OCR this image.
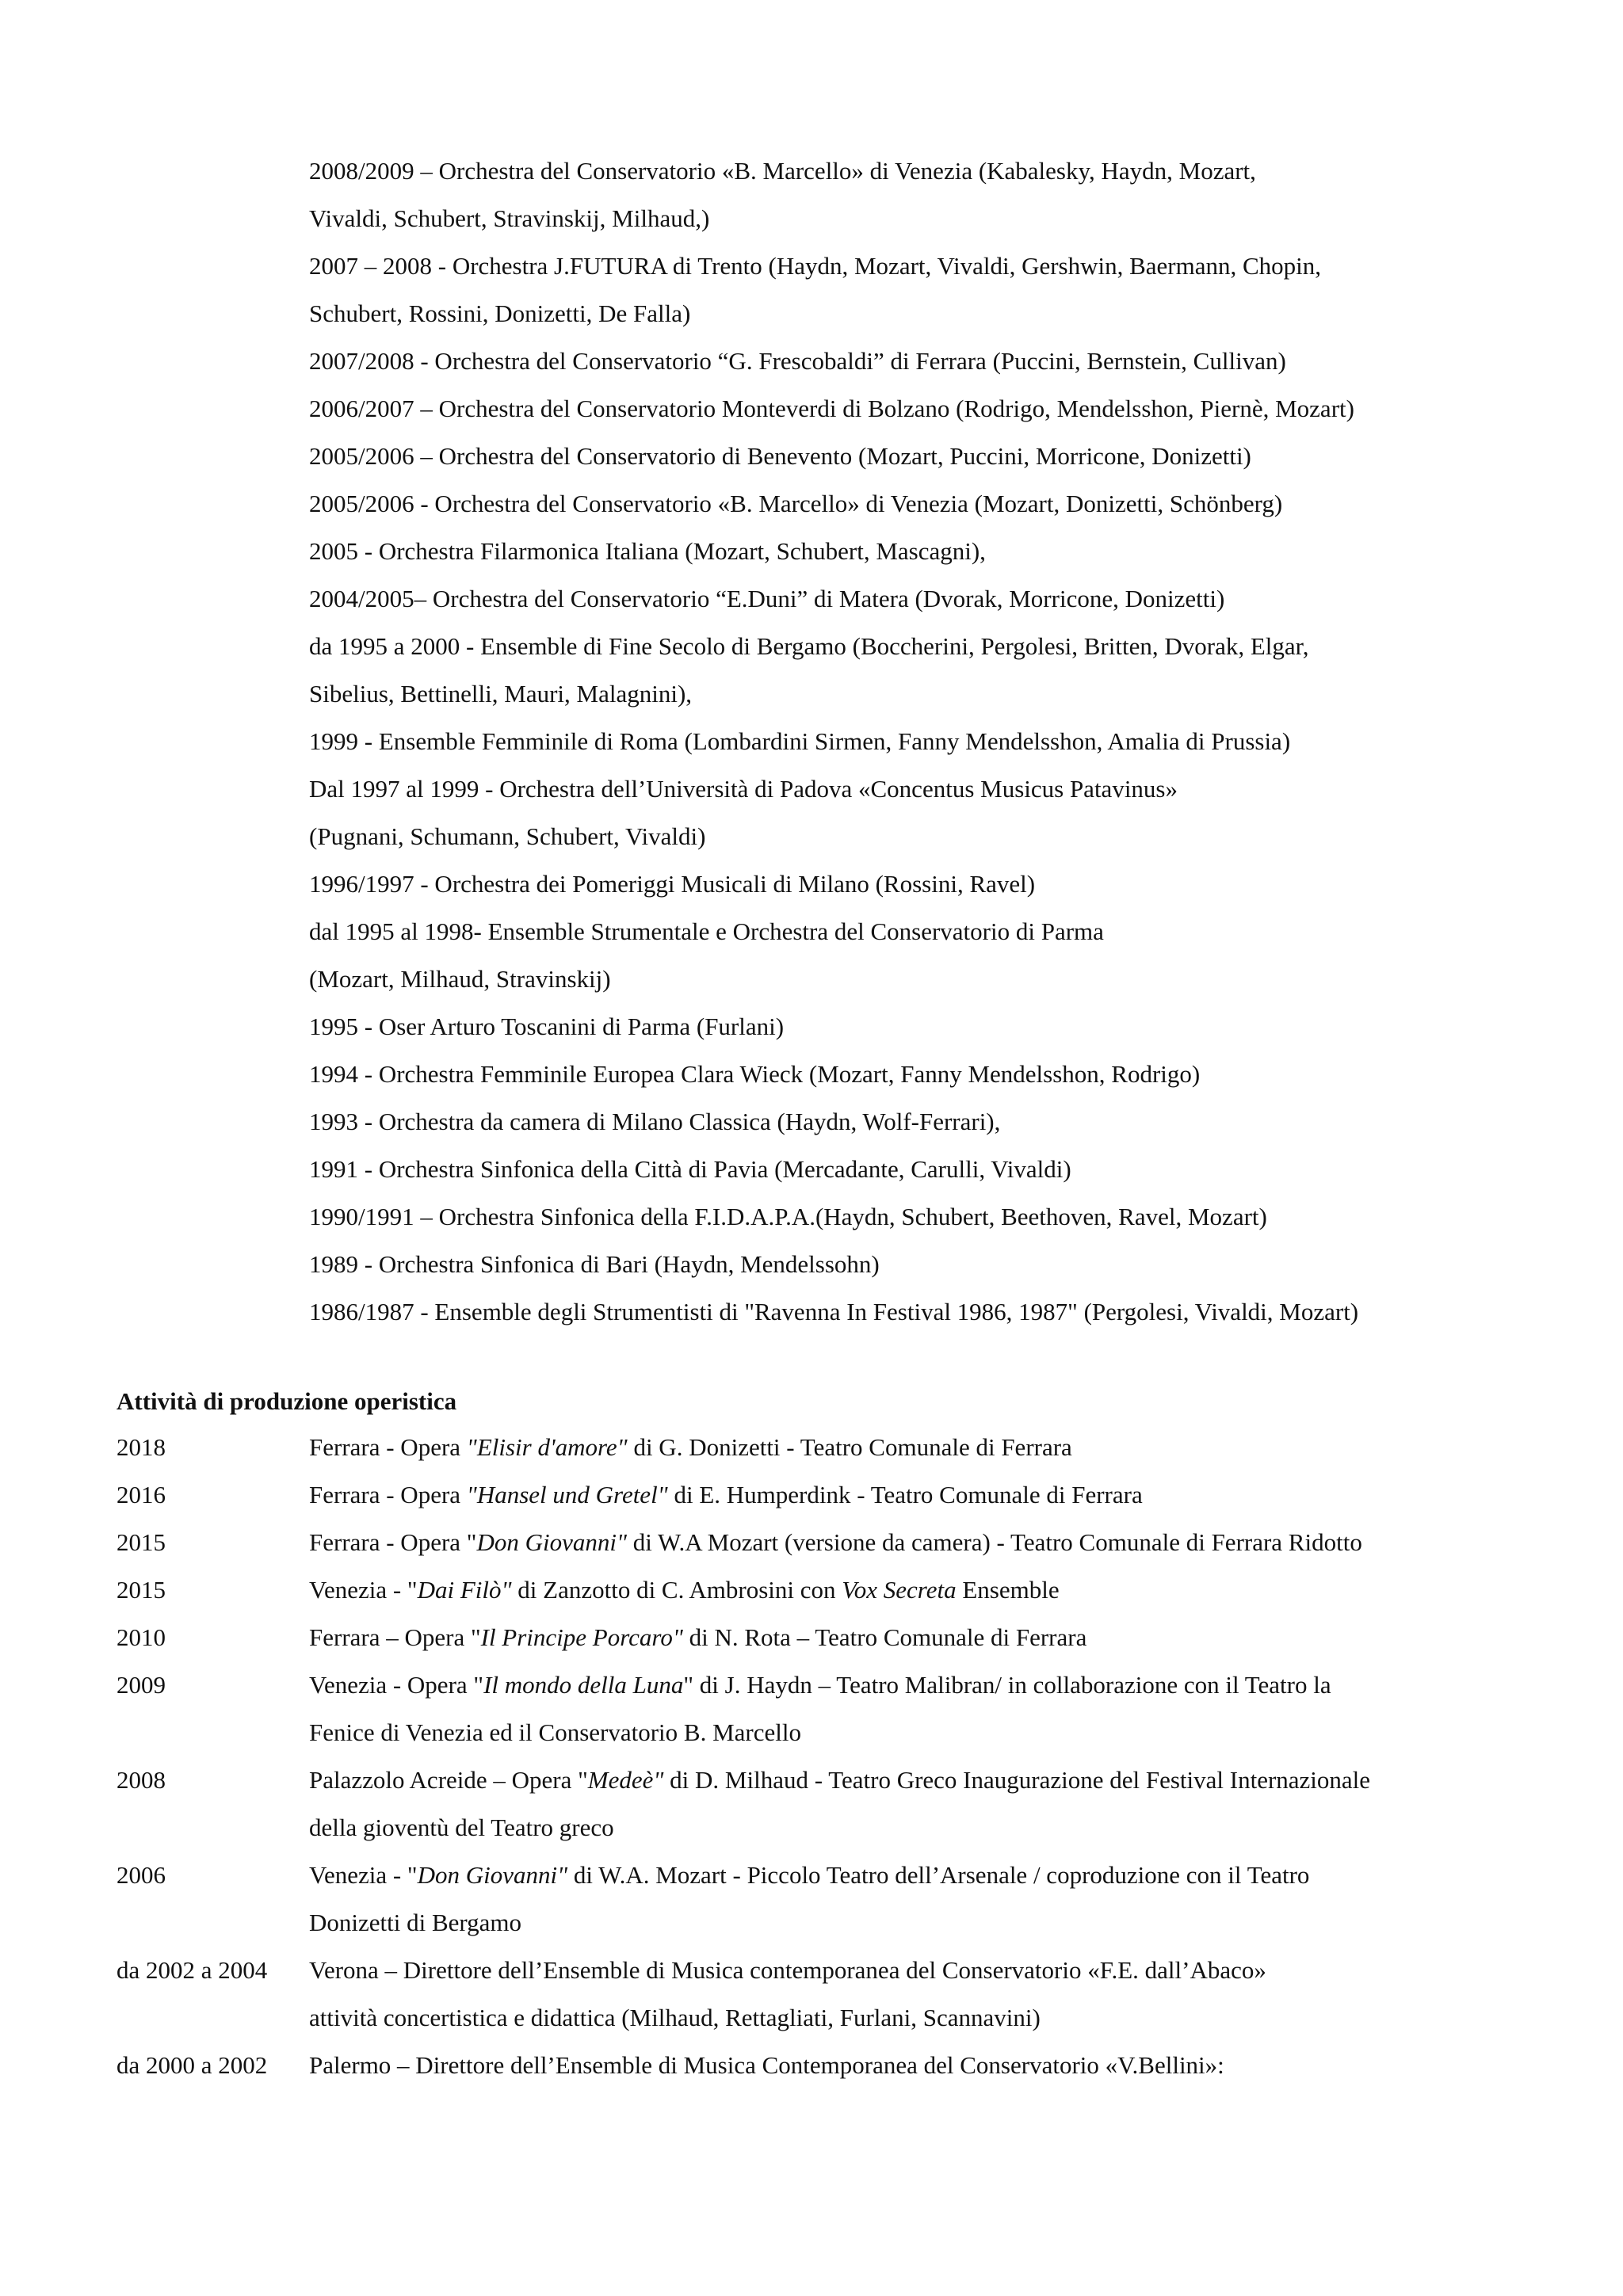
2008/2009 – Orchestra del Conservatorio «B. Marcello» di Venezia (Kabalesky, Haydn, Mozart,
Vivaldi, Schubert, Stravinskij, Milhaud,)
2007 – 2008 - Orchestra J.FUTURA di Trento (Haydn, Mozart, Vivaldi, Gershwin, Baermann, Chopin,
Schubert, Rossini, Donizetti, De Falla)
2007/2008 - Orchestra del Conservatorio “G. Frescobaldi” di Ferrara (Puccini, Bernstein, Cullivan)
2006/2007 – Orchestra del Conservatorio Monteverdi di Bolzano (Rodrigo, Mendelsshon, Piernè, Mozart)
2005/2006 – Orchestra del Conservatorio di Benevento (Mozart, Puccini, Morricone, Donizetti)
2005/2006 - Orchestra del Conservatorio «B. Marcello» di Venezia (Mozart, Donizetti, Schönberg)
2005 - Orchestra Filarmonica Italiana (Mozart, Schubert, Mascagni),
2004/2005– Orchestra del Conservatorio “E.Duni” di Matera (Dvorak, Morricone, Donizetti)
da 1995 a 2000 - Ensemble di Fine Secolo di Bergamo (Boccherini, Pergolesi, Britten, Dvorak, Elgar,
Sibelius, Bettinelli, Mauri, Malagnini),
1999 - Ensemble Femminile di Roma (Lombardini Sirmen, Fanny Mendelsshon, Amalia di Prussia)
Dal 1997 al 1999 - Orchestra dell’Università di Padova «Concentus Musicus Patavinus»
(Pugnani, Schumann, Schubert, Vivaldi)
1996/1997 - Orchestra dei Pomeriggi Musicali di Milano (Rossini, Ravel)
dal 1995 al 1998- Ensemble Strumentale e Orchestra del Conservatorio di Parma
(Mozart, Milhaud, Stravinskij)
1995 - Oser Arturo Toscanini di Parma (Furlani)
1994 - Orchestra Femminile Europea Clara Wieck (Mozart, Fanny Mendelsshon, Rodrigo)
1993 - Orchestra da camera di Milano Classica (Haydn, Wolf-Ferrari),
1991 - Orchestra Sinfonica della Città di Pavia (Mercadante, Carulli, Vivaldi)
1990/1991 – Orchestra Sinfonica della F.I.D.A.P.A.(Haydn, Schubert, Beethoven, Ravel, Mozart)
1989 - Orchestra Sinfonica di Bari (Haydn, Mendelssohn)
1986/1987 - Ensemble degli Strumentisti di "Ravenna In Festival 1986, 1987" (Pergolesi, Vivaldi, Mozart)
Attività di produzione operistica
2018	Ferrara - Opera "Elisir d'amore" di G. Donizetti - Teatro Comunale di Ferrara
2016	Ferrara - Opera "Hansel und Gretel" di E. Humperdink - Teatro Comunale di Ferrara
2015	Ferrara - Opera "Don Giovanni" di W.A Mozart (versione da camera) - Teatro Comunale di Ferrara Ridotto
2015	Venezia - "Dai Filò" di Zanzotto di C. Ambrosini con Vox Secreta Ensemble
2010	Ferrara – Opera "Il Principe Porcaro" di N. Rota – Teatro Comunale di Ferrara
2009	Venezia - Opera "Il mondo della Luna" di J. Haydn – Teatro Malibran/ in collaborazione con il Teatro la
Fenice di Venezia ed il Conservatorio B. Marcello
2008	Palazzolo Acreide – Opera "Medeè" di D. Milhaud - Teatro Greco Inaugurazione del Festival Internazionale
della gioventù del Teatro greco
2006	Venezia - "Don Giovanni" di W.A. Mozart - Piccolo Teatro dell’Arsenale / coproduzione con il Teatro
Donizetti di Bergamo
da 2002 a 2004 Verona – Direttore dell’Ensemble di Musica contemporanea del Conservatorio «F.E. dall’Abaco»
attività concertistica e didattica (Milhaud, Rettagliati, Furlani, Scannavini)
da 2000 a 2002 Palermo – Direttore dell’Ensemble di Musica Contemporanea del Conservatorio «V.Bellini»:
